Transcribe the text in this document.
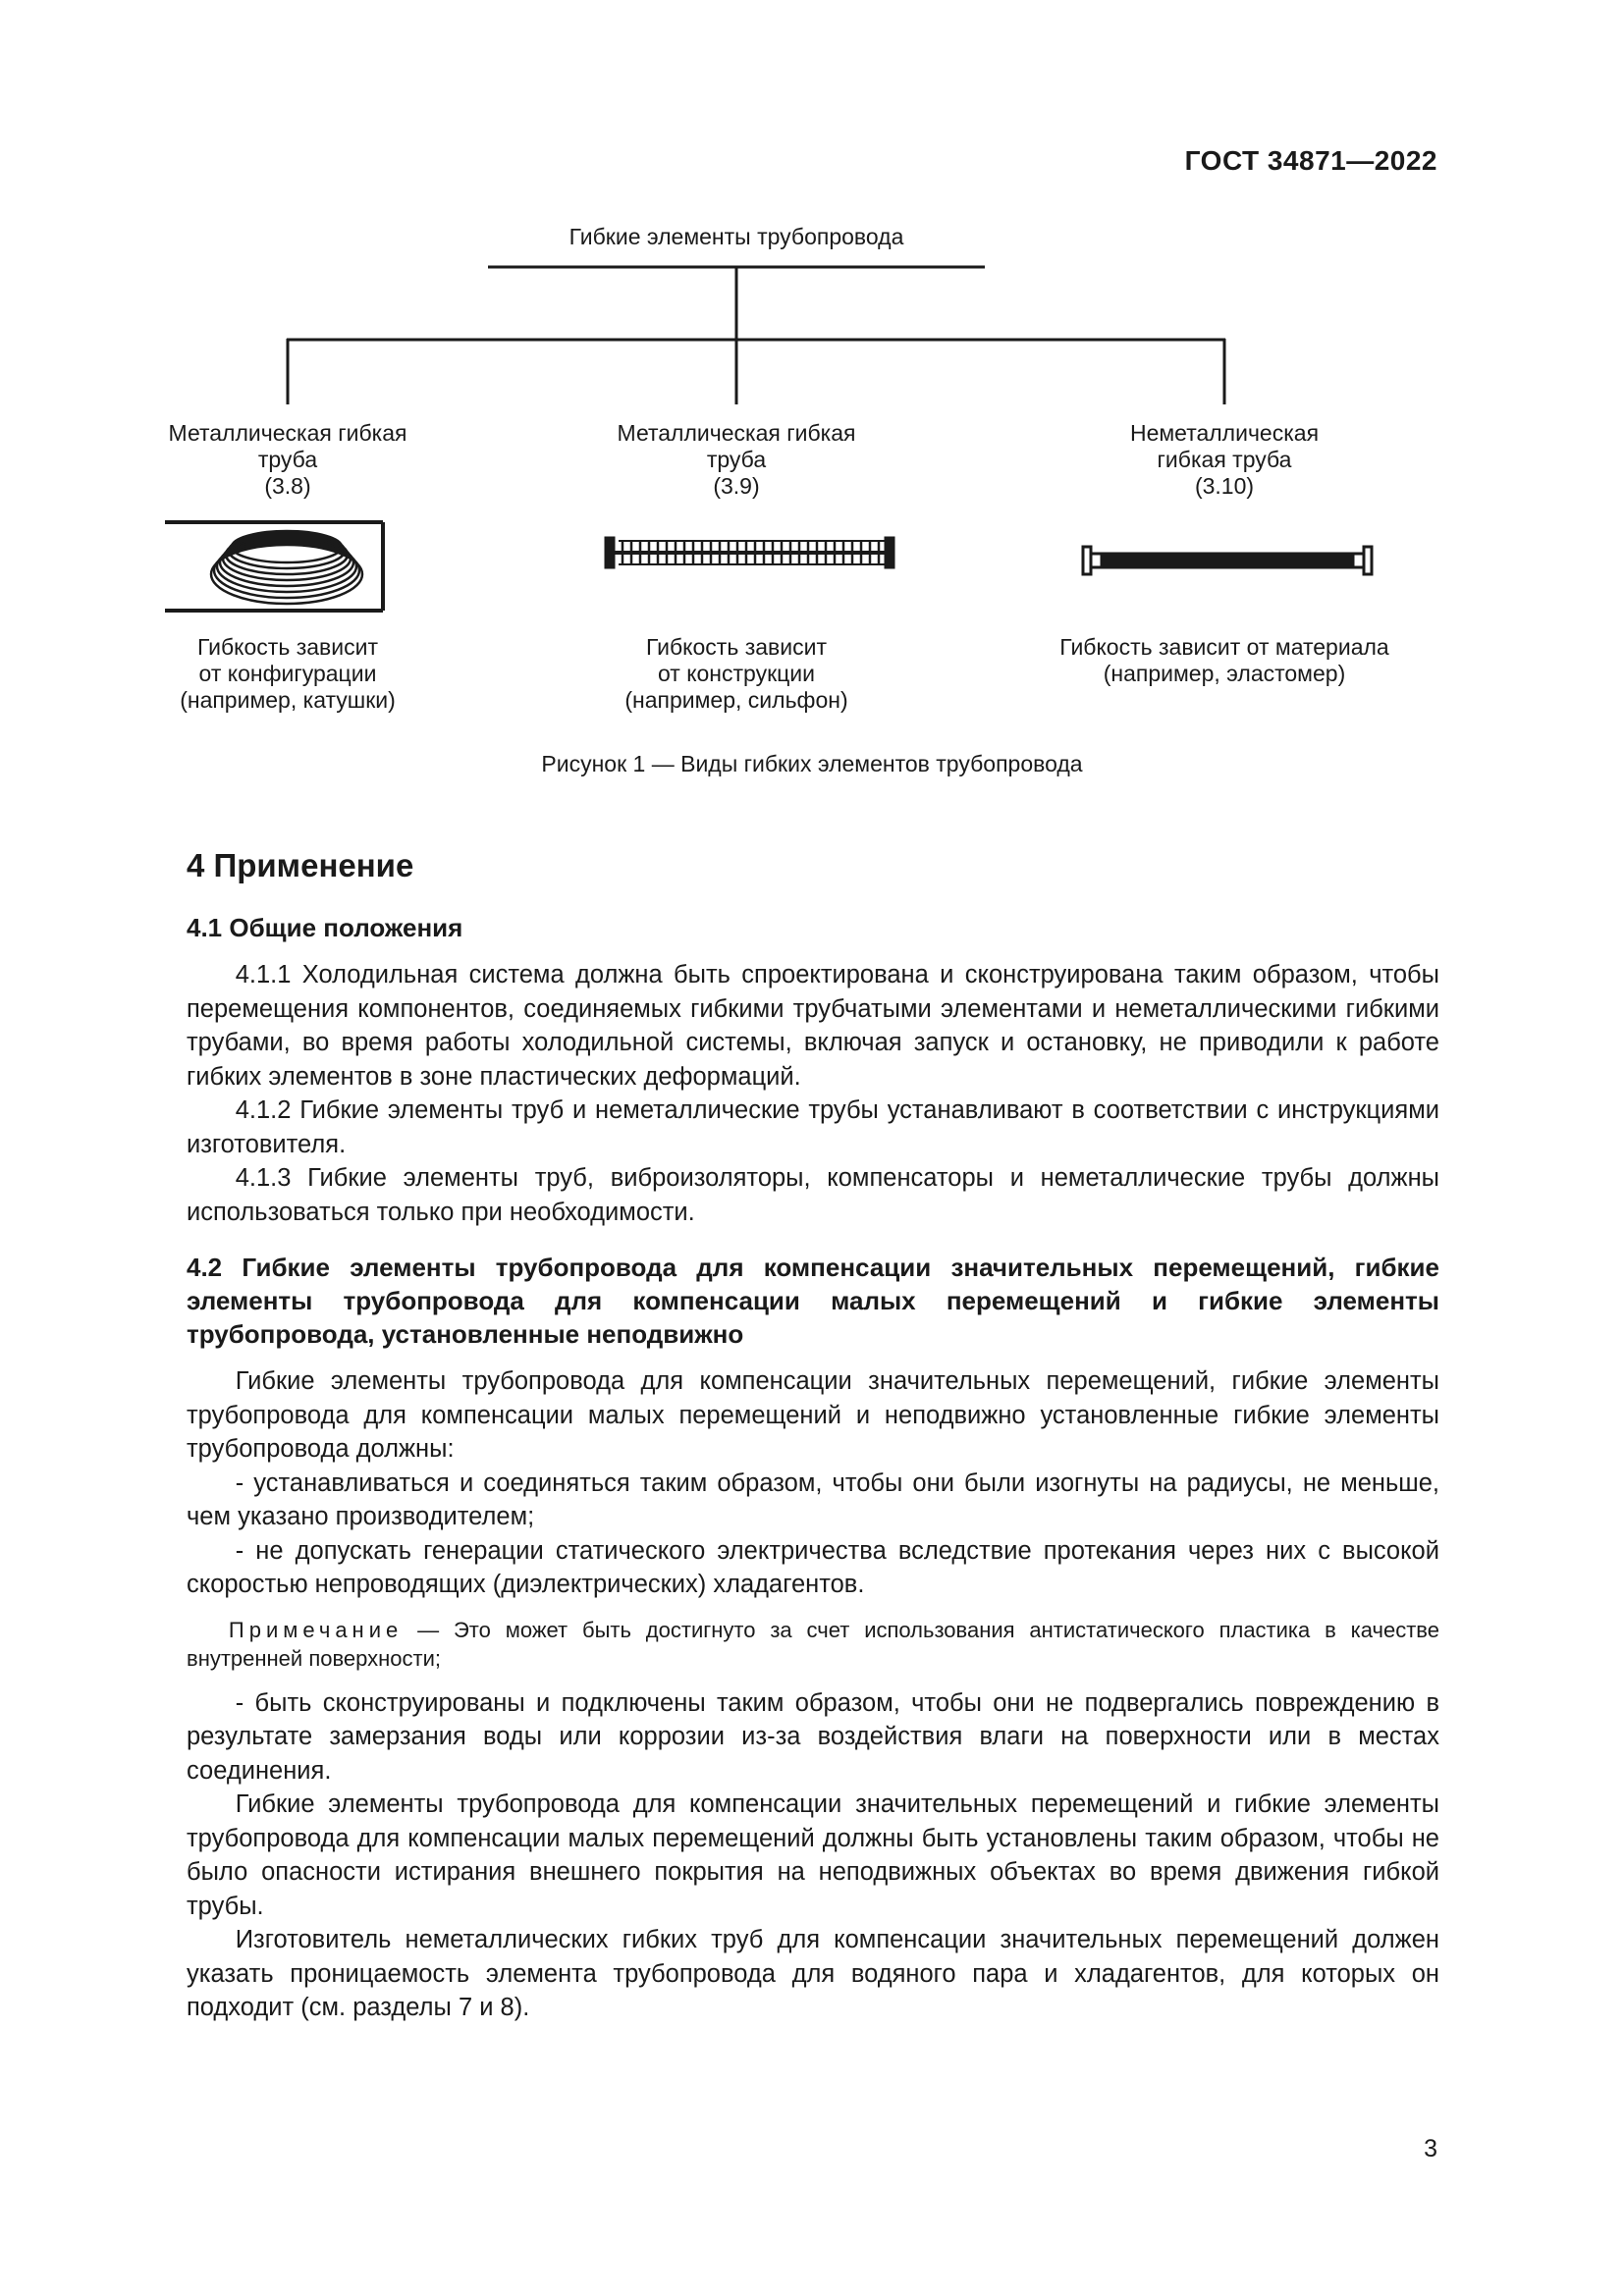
ГОСТ 34871—2022
Гибкие элементы трубопровода
Металлическая гибкая
труба
(3.8)
Металлическая гибкая
труба
(3.9)
Неметаллическая
гибкая труба
(3.10)
Гибкость зависит
от конфигурации
(например, катушки)
Гибкость зависит
от конструкции
(например, сильфон)
Гибкость зависит от материала
(например, эластомер)
Рисунок 1 — Виды гибких элементов трубопровода
4 Применение
4.1 Общие положения

4.1.1 Холодильная система должна быть спроектирована и сконструирована таким образом, чтобы перемещения компонентов, соединяемых гибкими трубчатыми элементами и неметаллическими гибкими трубами, во время работы холодильной системы, включая запуск и остановку, не приводили к работе гибких элементов в зоне пластических деформаций.

4.1.2 Гибкие элементы труб и неметаллические трубы устанавливают в соответствии с инструкциями изготовителя.

4.1.3 Гибкие элементы труб, виброизоляторы, компенсаторы и неметаллические трубы должны использоваться только при необходимости.

4.2 Гибкие элементы трубопровода для компенсации значительных перемещений, гибкие элементы трубопровода для компенсации малых перемещений и гибкие элементы трубопровода, установленные неподвижно

Гибкие элементы трубопровода для компенсации значительных перемещений, гибкие элементы трубопровода для компенсации малых перемещений и неподвижно установленные гибкие элементы трубопровода должны:

- устанавливаться и соединяться таким образом, чтобы они были изогнуты на радиусы, не меньше, чем указано производителем;

- не допускать генерации статического электричества вследствие протекания через них с высокой скоростью непроводящих (диэлектрических) хладагентов.

Примечание — Это может быть достигнуто за счет использования антистатического пластика в качестве внутренней поверхности;

- быть сконструированы и подключены таким образом, чтобы они не подвергались повреждению в результате замерзания воды или коррозии из-за воздействия влаги на поверхности или в местах соединения.

Гибкие элементы трубопровода для компенсации значительных перемещений и гибкие элементы трубопровода для компенсации малых перемещений должны быть установлены таким образом, чтобы не было опасности истирания внешнего покрытия на неподвижных объектах во время движения гибкой трубы.

Изготовитель неметаллических гибких труб для компенсации значительных перемещений должен указать проницаемость элемента трубопровода для водяного пара и хладагентов, для которых он подходит (см. разделы 7 и 8).

3
